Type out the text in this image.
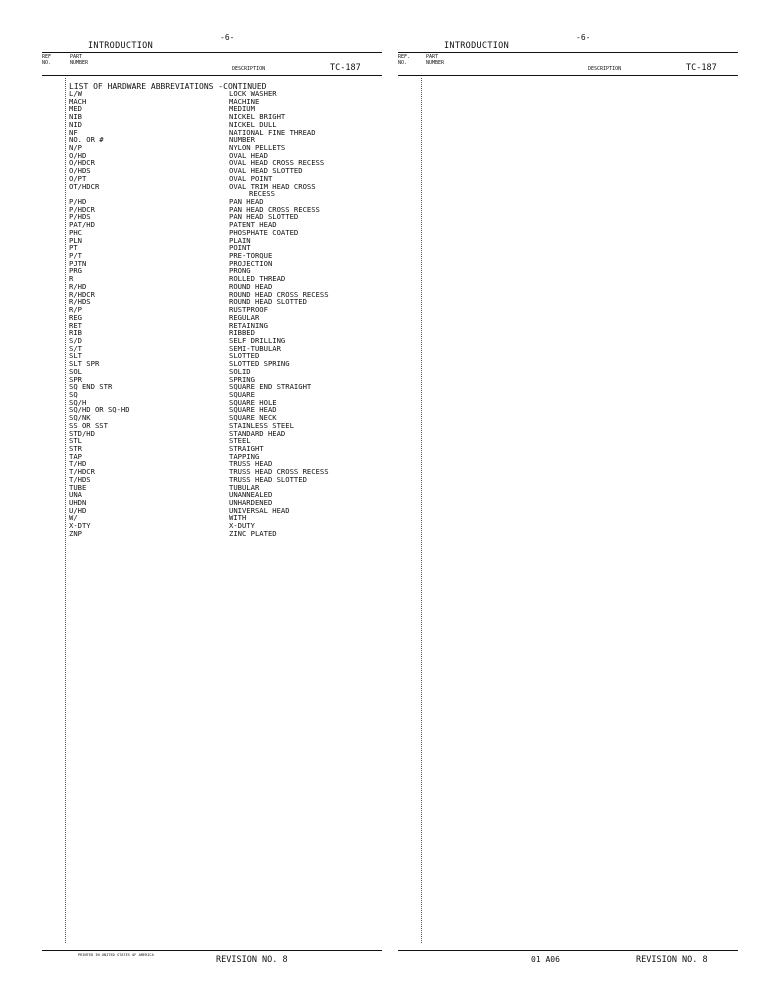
-6-
INTRODUCTION
REF
NO.
PART
NUMBER
DESCRIPTION	TC-187
LIST OF HARDWARE ABBREVIATIONS -CONTINUED
L/W	LOCK WASHER
MACH	MACHINE
MED	MEDIUM
NIB	NICKEL BRIGHT
NID	NICKEL DULL
NF	NATIONAL FINE THREAD
NO. OR #	NUMBER
N/P	NYLON PELLETS
O/HD	OVAL HEAD
O/HDCR	OVAL HEAD CROSS RECESS
O/HDS	OVAL HEAD SLOTTED
O/PT	OVAL POINT
OT/HDCR	OVAL TRIM HEAD CROSS
RECESS
P/HD	PAN HEAD
P/HDCR	PAN HEAD CROSS RECESS
P/HDS	PAN HEAD SLOTTED
PAT/HD	PATENT HEAD
PHC	PHOSPHATE COATED
PLN	PLAIN
PT	POINT
P/T	PRE-TORQUE
PJTN	PROJECTION
PRG	PRONG
R	ROLLED THREAD
R/HD	ROUND HEAD
R/HDCR	ROUND HEAD CROSS RECESS
R/HDS	ROUND HEAD SLOTTED
R/P	RUSTPROOF
REG	REGULAR
RET	RETAINING
RIB	RIBBED
S/D	SELF DRILLING
S/T	SEMI-TUBULAR
SLT	SLOTTED
SLT SPR	SLOTTED SPRING
SOL	SOLID
SPR	SPRING
SQ END STR	SQUARE END STRAIGHT
SQ	SQUARE
SQ/H	SQUARE HOLE
SQ/HD OR SQ-HD	SQUARE HEAD
SQ/NK	SQUARE NECK
SS OR SST	STAINLESS STEEL
STD/HD	STANDARD HEAD
STL	STEEL
STR	STRAIGHT
TAP	TAPPING
T/HD	TRUSS HEAD
T/HDCR	TRUSS HEAD CROSS RECESS
T/HDS	TRUSS HEAD SLOTTED
TUBE	TUBULAR
UNA	UNANNEALED
UHDN	UNHARDENED
U/HD	UNIVERSAL HEAD
W/	WITH
X-DTY	X-DUTY
ZNP	ZINC PLATED
PRINTED IN UNITED STATES OF AMERICA	REVISION NO. 8
-6-
INTRODUCTION
REF.
NO.
PART
NUMBER
DESCRIPTION	TC-187
01 A06	REVISION NO. 8
